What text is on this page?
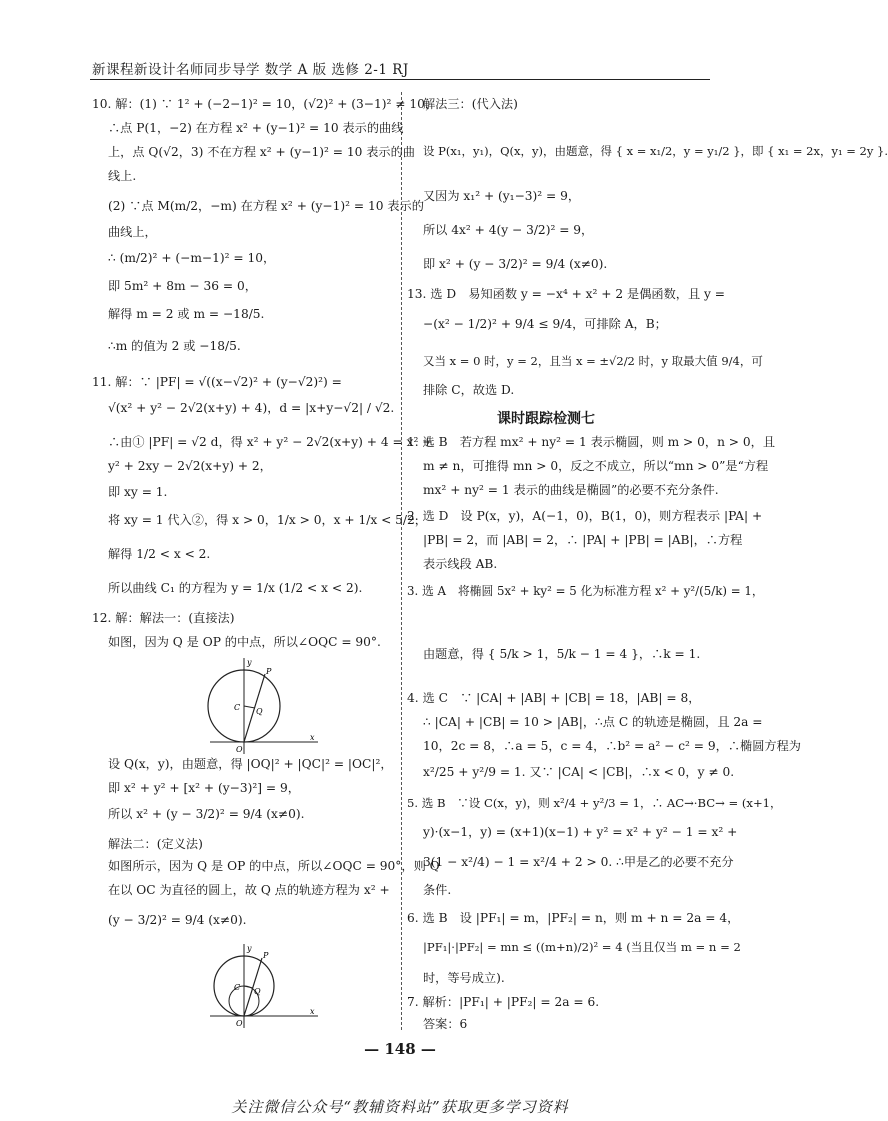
新课程新设计名师同步导学 数学 A 版 选修 2-1 RJ
10. 解：(1) ∵ 1² + (−2−1)² = 10，(√2)² + (3−1)² ≠ 10，
∴点 P(1，−2) 在方程 x² + (y−1)² = 10 表示的曲线
上，点 Q(√2，3) 不在方程 x² + (y−1)² = 10 表示的曲
线上.
(2) ∵点 M(m/2，−m) 在方程 x² + (y−1)² = 10 表示的
曲线上，
∴ (m/2)² + (−m−1)² = 10，
即 5m² + 8m − 36 = 0，
解得 m = 2 或 m = −18/5.
∴m 的值为 2 或 −18/5.
11. 解：∵ |PF| = √((x−√2)² + (y−√2)²) =
√(x² + y² − 2√2(x+y) + 4)，d = |x+y−√2| / √2.
∴由① |PF| = √2 d，得 x² + y² − 2√2(x+y) + 4 = x² +
y² + 2xy − 2√2(x+y) + 2，
即 xy = 1.
将 xy = 1 代入②，得 x > 0，1/x > 0，x + 1/x < 5/2，
解得 1/2 < x < 2.
所以曲线 C₁ 的方程为 y = 1/x (1/2 < x < 2).
12. 解：解法一：(直接法)
如图，因为 Q 是 OP 的中点，所以∠OQC = 90°.
y
x
O
C Q
P
设 Q(x，y)，由题意，得 |OQ|² + |QC|² = |OC|²，
即 x² + y² + [x² + (y−3)²] = 9，
所以 x² + (y − 3/2)² = 9/4 (x≠0).
解法二：(定义法)
如图所示，因为 Q 是 OP 的中点，所以∠OQC = 90°，则 Q
在以 OC 为直径的圆上，故 Q 点的轨迹方程为 x² +
(y − 3/2)² = 9/4 (x≠0).
y
x
O
C Q
P
解法三：(代入法)
设 P(x₁，y₁)，Q(x，y)，由题意，得 { x = x₁/2，y = y₁/2 }，即 { x₁ = 2x，y₁ = 2y }.
又因为 x₁² + (y₁−3)² = 9，
所以 4x² + 4(y − 3/2)² = 9，
即 x² + (y − 3/2)² = 9/4 (x≠0).
13. 选 D　易知函数 y = −x⁴ + x² + 2 是偶函数，且 y =
−(x² − 1/2)² + 9/4 ≤ 9/4，可排除 A，B；
又当 x = 0 时，y = 2，且当 x = ±√2/2 时，y 取最大值 9/4，可
排除 C，故选 D.
课时跟踪检测七
1. 选 B　若方程 mx² + ny² = 1 表示椭圆，则 m > 0，n > 0，且
m ≠ n，可推得 mn > 0，反之不成立，所以“mn > 0”是“方程
mx² + ny² = 1 表示的曲线是椭圆”的必要不充分条件.
2. 选 D　设 P(x，y)，A(−1，0)，B(1，0)，则方程表示 |PA| +
|PB| = 2，而 |AB| = 2，∴ |PA| + |PB| = |AB|，∴方程
表示线段 AB.
3. 选 A　将椭圆 5x² + ky² = 5 化为标准方程 x² + y²/(5/k) = 1，
由题意，得 { 5/k > 1，5/k − 1 = 4 }，∴k = 1.
4. 选 C　∵ |CA| + |AB| + |CB| = 18，|AB| = 8，
∴ |CA| + |CB| = 10 > |AB|，∴点 C 的轨迹是椭圆，且 2a =
10，2c = 8，∴a = 5，c = 4，∴b² = a² − c² = 9，∴椭圆方程为
x²/25 + y²/9 = 1. 又∵ |CA| < |CB|，∴x < 0，y ≠ 0.
5. 选 B　∵设 C(x，y)，则 x²/4 + y²/3 = 1，∴ AC→·BC→ = (x+1，
y)·(x−1，y) = (x+1)(x−1) + y² = x² + y² − 1 = x² +
3(1 − x²/4) − 1 = x²/4 + 2 > 0. ∴甲是乙的必要不充分
条件.
6. 选 B　设 |PF₁| = m，|PF₂| = n，则 m + n = 2a = 4，
|PF₁|·|PF₂| = mn ≤ ((m+n)/2)² = 4 (当且仅当 m = n = 2
时，等号成立).
7. 解析：|PF₁| + |PF₂| = 2a = 6.
答案：6
— 148 —
关注微信公众号“教辅资料站”获取更多学习资料
